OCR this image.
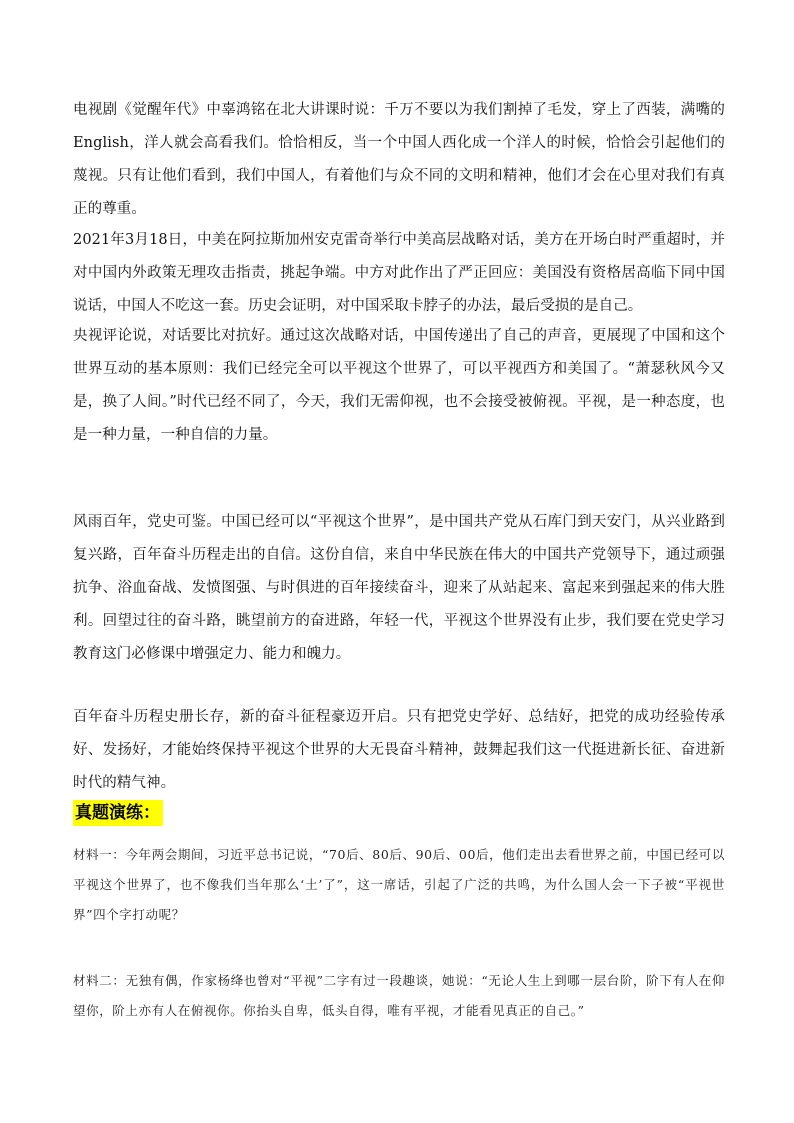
电视剧《觉醒年代》中辜鸿铭在北大讲课时说：千万不要以为我们割掉了毛发，穿上了西装，满嘴的English，洋人就会高看我们。恰恰相反，当一个中国人西化成一个洋人的时候，恰恰会引起他们的蔑视。只有让他们看到，我们中国人，有着他们与众不同的文明和精神，他们才会在心里对我们有真正的尊重。

2021年3月18日，中美在阿拉斯加州安克雷奇举行中美高层战略对话，美方在开场白时严重超时，并对中国内外政策无理攻击指责，挑起争端。中方对此作出了严正回应：美国没有资格居高临下同中国说话，中国人不吃这一套。历史会证明，对中国采取卡脖子的办法，最后受损的是自己。

央视评论说，对话要比对抗好。通过这次战略对话，中国传递出了自己的声音，更展现了中国和这个世界互动的基本原则：我们已经完全可以平视这个世界了，可以平视西方和美国了。“萧瑟秋风今又是，换了人间。”时代已经不同了，今天，我们无需仰视，也不会接受被俯视。平视，是一种态度，也是一种力量，一种自信的力量。

风雨百年，党史可鉴。中国已经可以“平视这个世界”，是中国共产党从石库门到天安门，从兴业路到复兴路，百年奋斗历程走出的自信。这份自信，来自中华民族在伟大的中国共产党领导下，通过顽强抗争、浴血奋战、发愤图强、与时俱进的百年接续奋斗，迎来了从站起来、富起来到强起来的伟大胜利。回望过往的奋斗路，眺望前方的奋进路，年轻一代，平视这个世界没有止步，我们要在党史学习教育这门必修课中增强定力、能力和魄力。

百年奋斗历程史册长存，新的奋斗征程豪迈开启。只有把党史学好、总结好，把党的成功经验传承好、发扬好，才能始终保持平视这个世界的大无畏奋斗精神，鼓舞起我们这一代挺进新长征、奋进新时代的精气神。

真题演练：

材料一：今年两会期间，习近平总书记说，“70后、80后、90后、00后，他们走出去看世界之前，中国已经可以平视这个世界了，也不像我们当年那么‘土’了”，这一席话，引起了广泛的共鸣，为什么国人会一下子被“平视世界”四个字打动呢？

材料二：无独有偶，作家杨绛也曾对“平视”二字有过一段趣谈，她说：“无论人生上到哪一层台阶，阶下有人在仰望你，阶上亦有人在俯视你。你抬头自卑，低头自得，唯有平视，才能看见真正的自己。”
